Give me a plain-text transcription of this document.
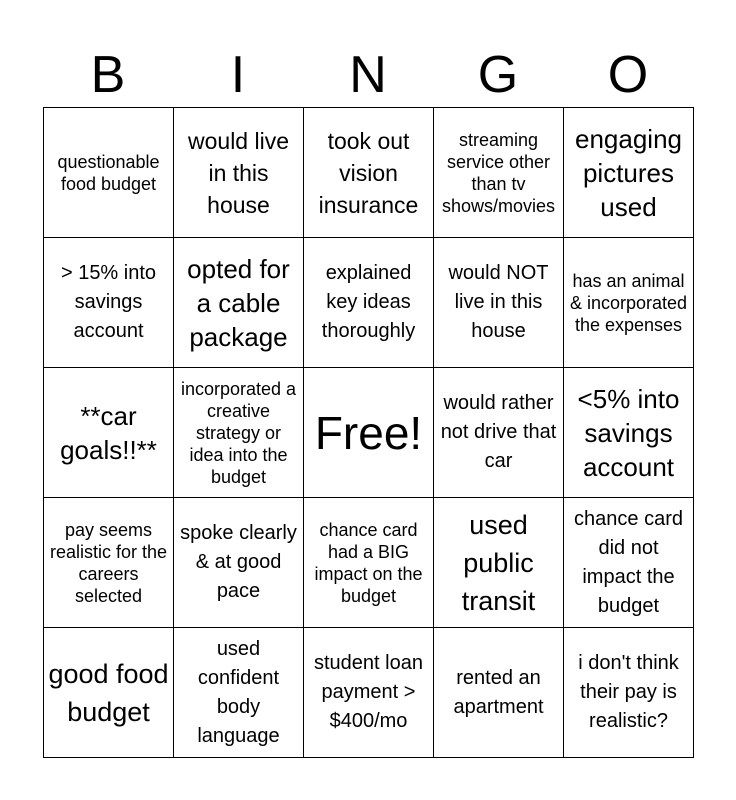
B	I	N	G	O
questionable food budget	would live in this house	took out vision insurance	streaming service other than tv shows/movies	engaging pictures used
> 15% into savings account	opted for a cable package	explained key ideas thoroughly	would NOT live in this house	has an animal & incorporated the expenses
**car goals!!**	incorporated a creative strategy or idea into the budget	Free!	would rather not drive that car	<5% into savings account
pay seems realistic for the careers selected	spoke clearly & at good pace	chance card had a BIG impact on the budget	used public transit	chance card did not impact the budget
good food budget	used confident body language	student loan payment > $400/mo	rented an apartment	i don't think their pay is realistic?
